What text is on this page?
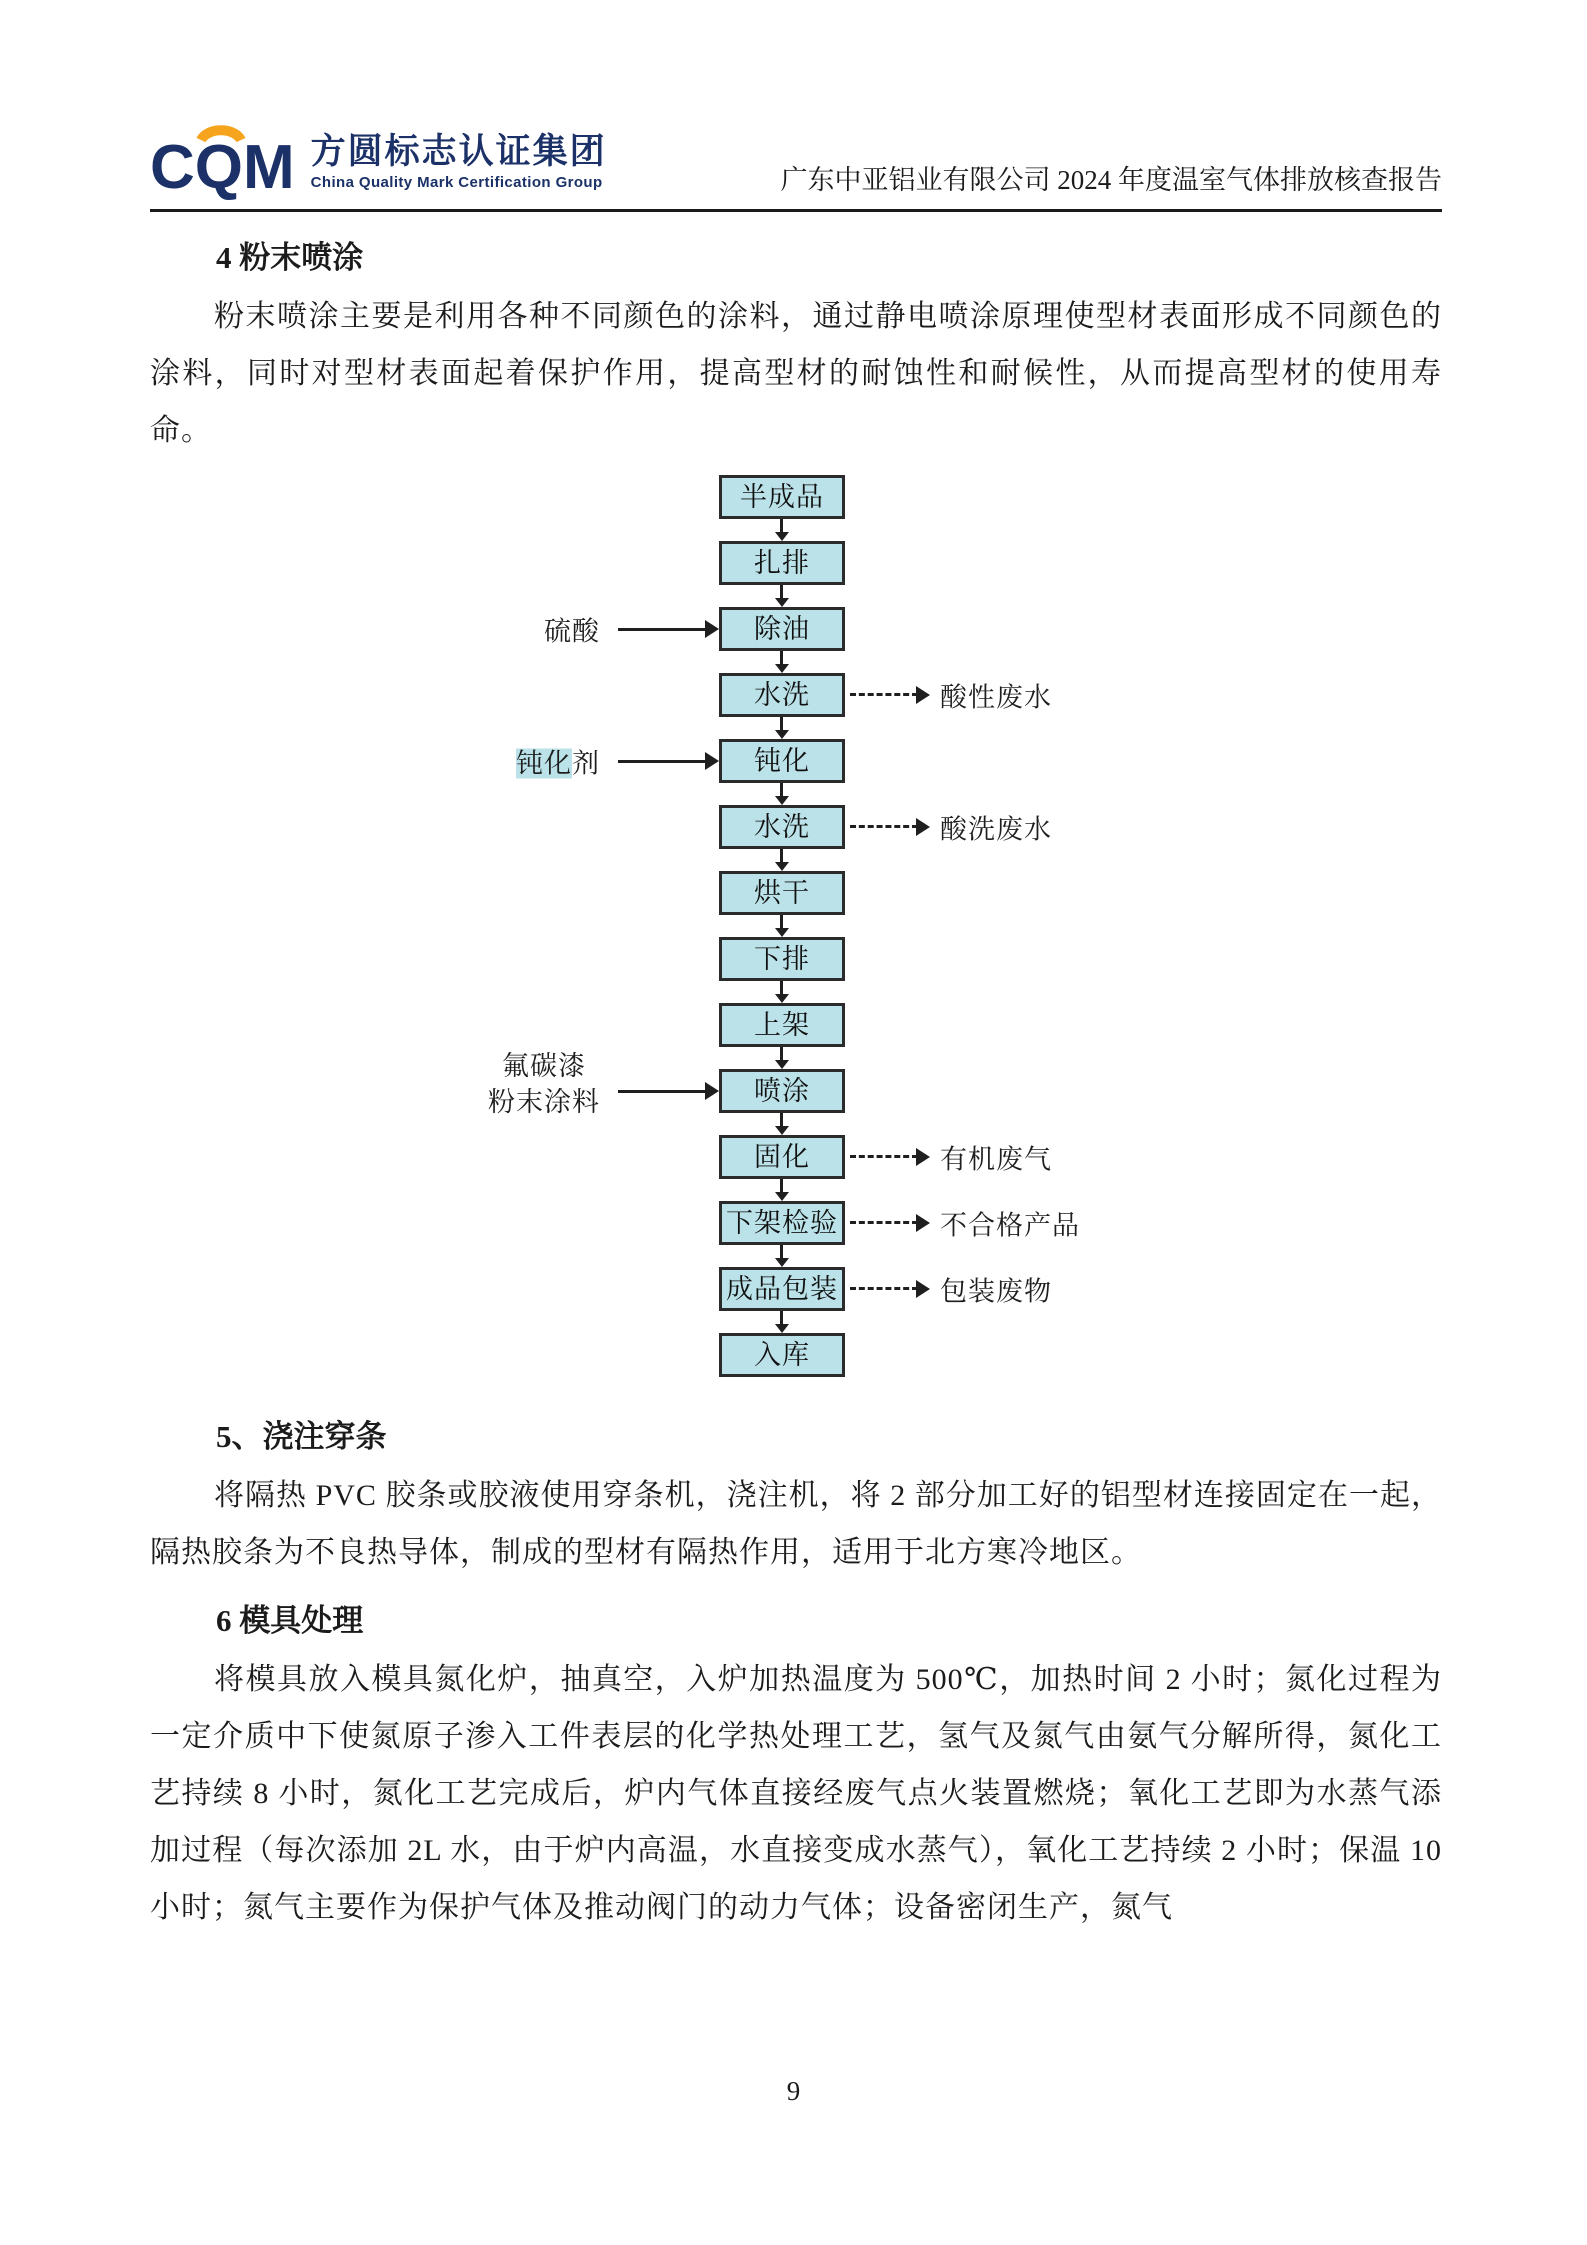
CQM 方圆标志认证集团
China Quality Mark Certification Group	广东中亚铝业有限公司 2024 年度温室气体排放核查报告
4 粉末喷涂

粉末喷涂主要是利用各种不同颜色的涂料，通过静电喷涂原理使型材表面形成不同颜色的涂料，同时对型材表面起着保护作用，提高型材的耐蚀性和耐候性，从而提高型材的使用寿命。

半成品
扎排
硫酸	除油
水洗	酸性废水
钝化剂	钝化
水洗	酸洗废水
烘干
下排
上架
氟碳漆
粉末涂料	喷涂
固化	有机废气
下架检验	不合格产品
成品包装	包装废物
入库
5、浇注穿条

将隔热 PVC 胶条或胶液使用穿条机，浇注机，将 2 部分加工好的铝型材连接固定在一起，隔热胶条为不良热导体，制成的型材有隔热作用，适用于北方寒冷地区。

6 模具处理

将模具放入模具氮化炉，抽真空，入炉加热温度为 500℃，加热时间 2 小时；氮化过程为一定介质中下使氮原子渗入工件表层的化学热处理工艺，氢气及氮气由氨气分解所得，氮化工艺持续 8 小时，氮化工艺完成后，炉内气体直接经废气点火装置燃烧；氧化工艺即为水蒸气添加过程（每次添加 2L 水，由于炉内高温，水直接变成水蒸气），氧化工艺持续 2 小时；保温 10 小时；氮气主要作为保护气体及推动阀门的动力气体；设备密闭生产，氮气

9
